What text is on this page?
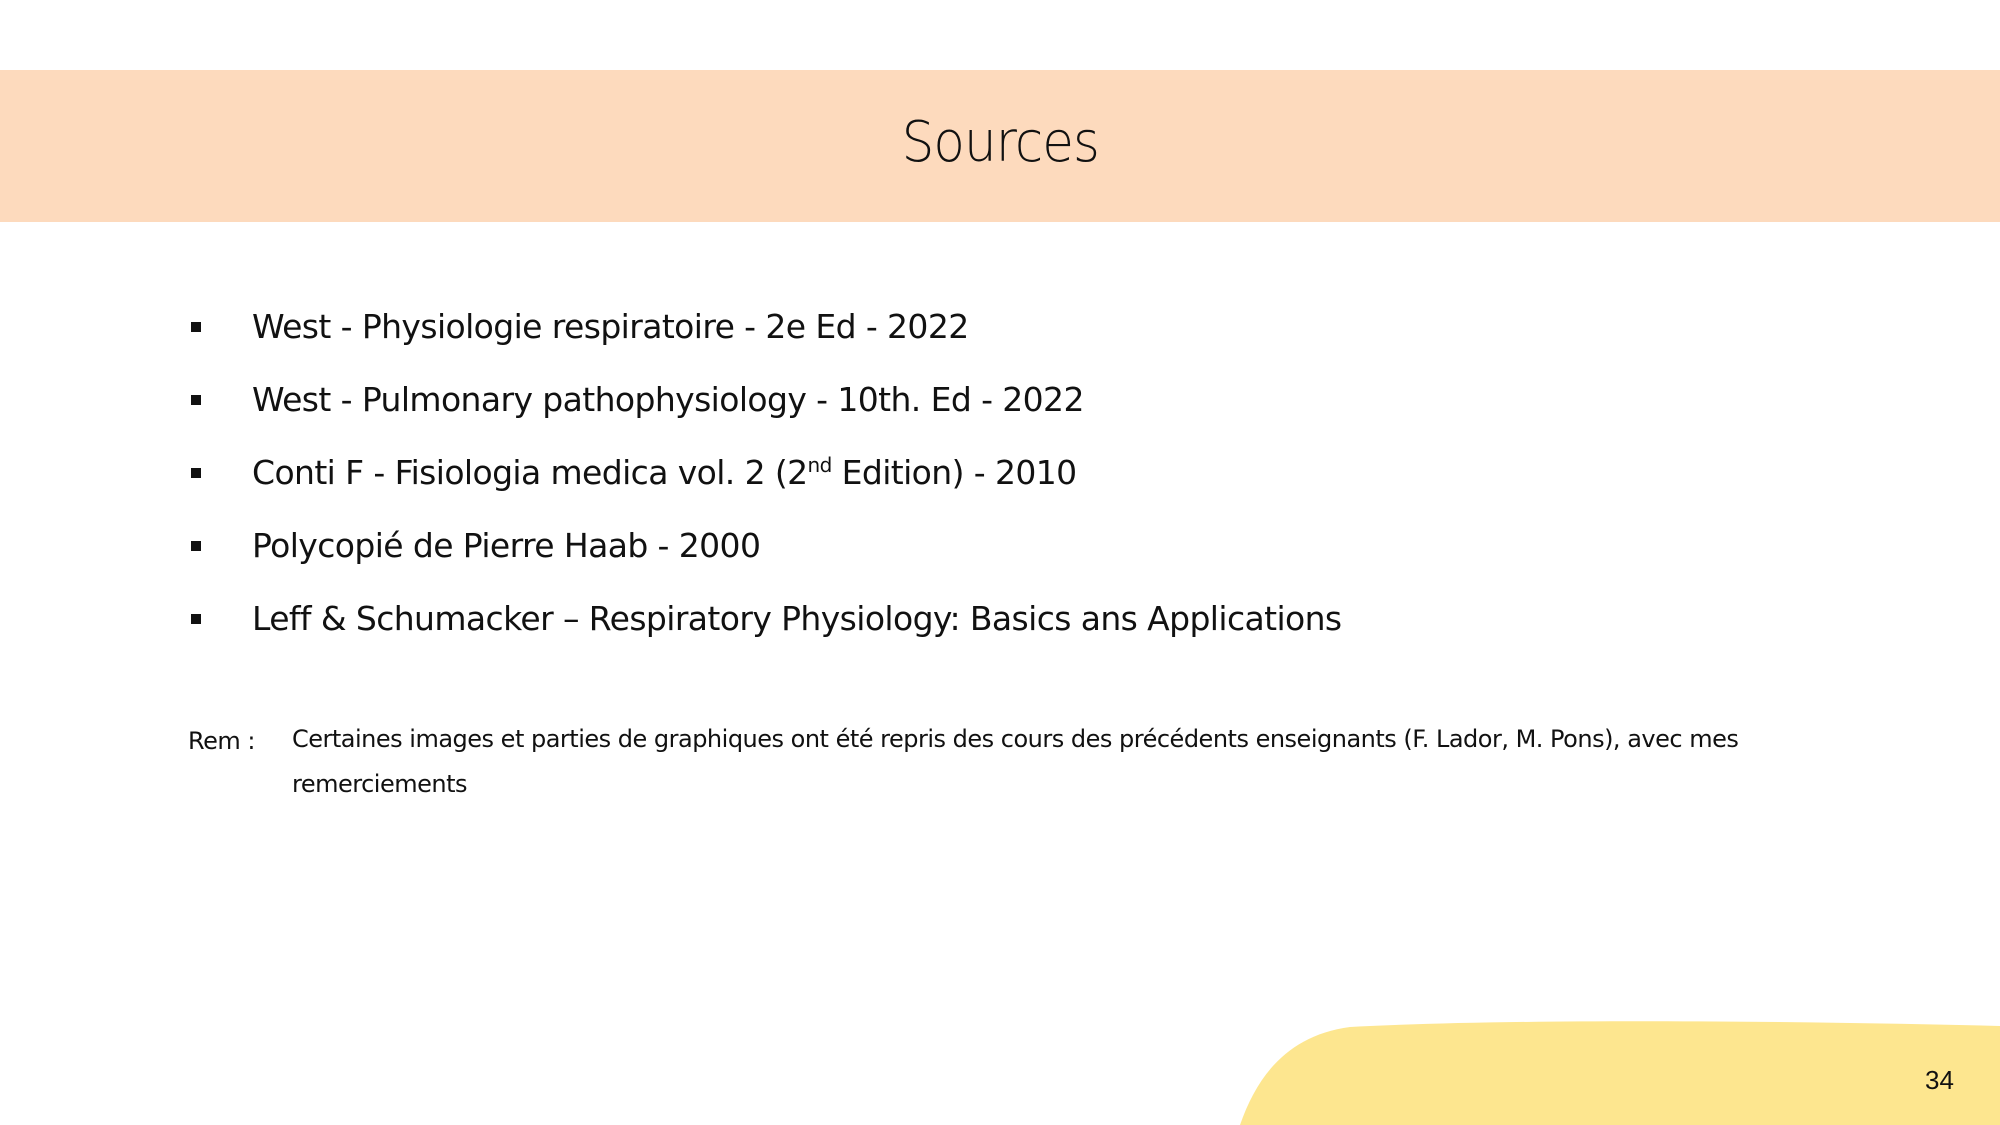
Sources
West - Physiologie respiratoire - 2e Ed - 2022
West - Pulmonary pathophysiology - 10th. Ed - 2022
Conti F - Fisiologia medica vol. 2 (2nd Edition) - 2010
Polycopié de Pierre Haab - 2000
Leff & Schumacker – Respiratory Physiology: Basics ans Applications
Rem :	Certaines images et parties de graphiques ont été repris des cours des précédents enseignants (F. Lador, M. Pons), avec mes remerciements
34
